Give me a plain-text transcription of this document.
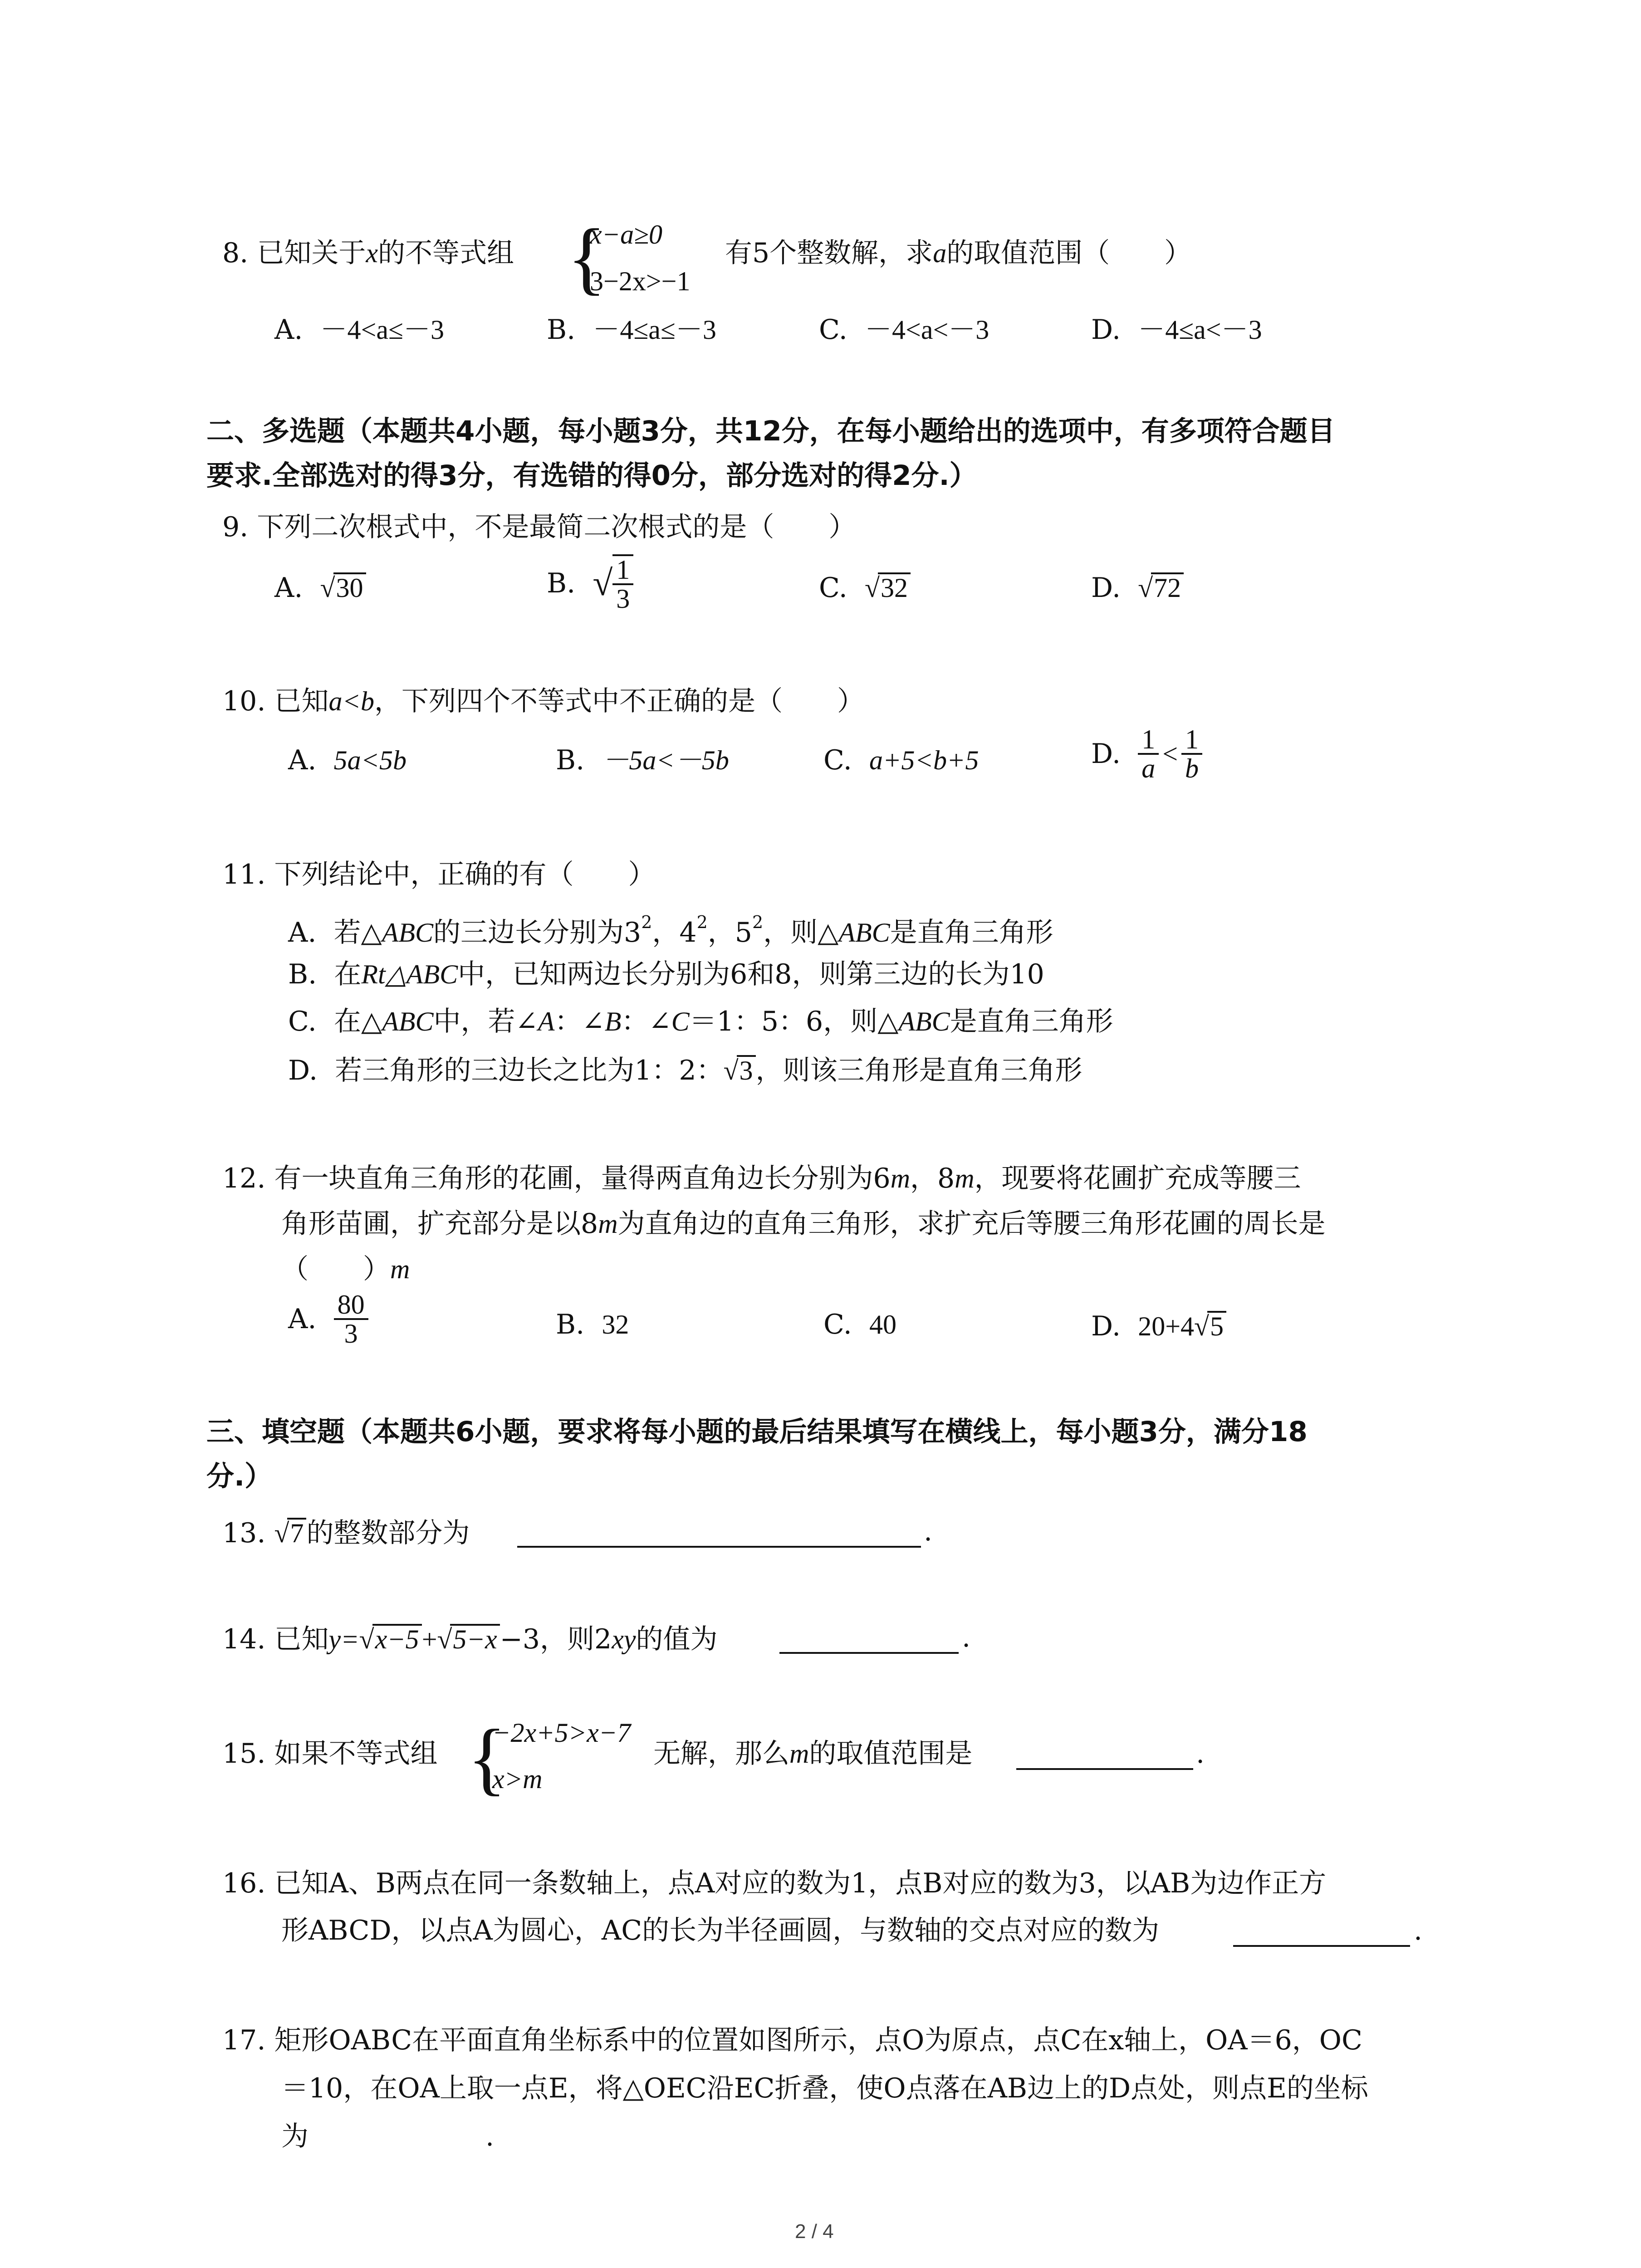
8. 已知关于x的不等式组 {
x−a≥0
3−2x>−1
有5个整数解，求a的取值范围（　　）
A. －4<a≤－3	B. －4≤a≤－3	C. －4<a<－3	D. －4≤a<－3
二、多选题（本题共4小题，每小题3分，共12分，在每小题给出的选项中，有多项符合题目
要求.全部选对的得3分，有选错的得0分，部分选对的得2分.）
9. 下列二次根式中，不是最简二次根式的是（　　）
A. √30	B. √ $\frac{1}{3}$	C. √32	D. √72
10. 已知a<b，下列四个不等式中不正确的是（　　）
A. 5a<5b	B. －5a<－5b	C. a+5<b+5	D. $\frac{1}{a} < \frac{1}{b}$
11. 下列结论中，正确的有（　　）
A. 若△ABC的三边长分别为$3^2$，$4^2$，$5^2$，则△ABC是直角三角形
B. 在Rt△ABC中，已知两边长分别为6和8，则第三边的长为10
C. 在△ABC中，若∠A：∠B：∠C＝1：5：6，则△ABC是直角三角形
D. 若三角形的三边长之比为1：2：√3 ，则该三角形是直角三角形
12. 有一块直角三角形的花圃，量得两直角边长分别为6m，8m，现要将花圃扩充成等腰三
角形苗圃，扩充部分是以8m为直角边的直角三角形，求扩充后等腰三角形花圃的周长是
（　　）m
A. $\frac{80}{3}$	B. 32	C. 40	D. 20+4√5
三、填空题（本题共6小题，要求将每小题的最后结果填写在横线上，每小题3分，满分18
分.）
13. √7 的整数部分为	.
14. 已知y=√x−5 +√5−x −3，则2xy的值为	.
15. 如果不等式组 {
−2x+5>x−7
x>m
无解，那么m的取值范围是	.
16. 已知A、B两点在同一条数轴上，点A对应的数为1，点B对应的数为3，以AB为边作正方
形ABCD，以点A为圆心，AC的长为半径画圆，与数轴的交点对应的数为	.
17. 矩形OABC在平面直角坐标系中的位置如图所示，点O为原点，点C在x轴上，OA＝6，OC
＝10，在OA上取一点E，将△OEC沿EC折叠，使O点落在AB边上的D点处，则点E的坐标
为	.
2 / 4
